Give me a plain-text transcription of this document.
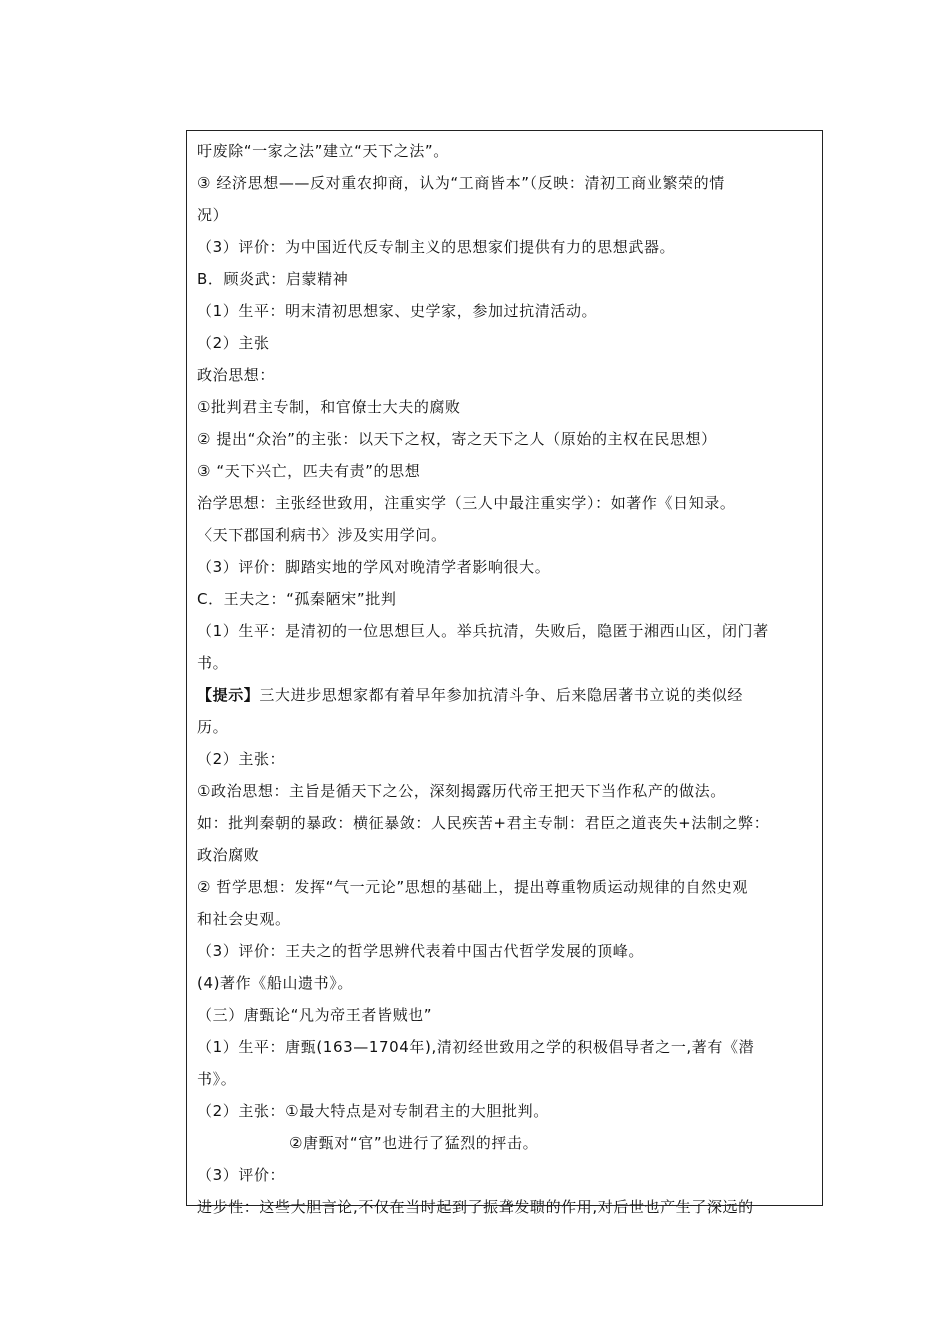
吁废除“一家之法”建立“天下之法”。
③ 经济思想——反对重农抑商，认为“工商皆本”（反映：清初工商业繁荣的情
况）
（3）评价：为中国近代反专制主义的思想家们提供有力的思想武器。
B．顾炎武：启蒙精神
（1）生平：明末清初思想家、史学家，参加过抗清活动。
（2）主张
政治思想：
①批判君主专制，和官僚士大夫的腐败
② 提出“众治”的主张：以天下之权，寄之天下之人（原始的主权在民思想）
③ “天下兴亡，匹夫有责”的思想
治学思想：主张经世致用，注重实学（三人中最注重实学）：如著作《日知录。
〈天下郡国利病书〉涉及实用学问。
（3）评价：脚踏实地的学风对晚清学者影响很大。
C．王夫之：“孤秦陋宋”批判
（1）生平：是清初的一位思想巨人。举兵抗清，失败后，隐匿于湘西山区，闭门著
书。
【提示】三大进步思想家都有着早年参加抗清斗争、后来隐居著书立说的类似经
历。
（2）主张：
①政治思想：主旨是循天下之公，深刻揭露历代帝王把天下当作私产的做法。
如：批判秦朝的暴政：横征暴敛：人民疾苦+君主专制：君臣之道丧失+法制之弊：
政治腐败
② 哲学思想：发挥“气一元论”思想的基础上，提出尊重物质运动规律的自然史观
和社会史观。
（3）评价：王夫之的哲学思辨代表着中国古代哲学发展的顶峰。
(4)著作《船山遗书》。
（三）唐甄论“凡为帝王者皆贼也”
（1）生平：唐甄(163—1704年),清初经世致用之学的积极倡导者之一,著有《潜
书》。
（2）主张：①最大特点是对专制君主的大胆批判。
②唐甄对“官”也进行了猛烈的抨击。
（3）评价：
进步性：这些大胆言论,不仅在当时起到了振聋发聩的作用,对后世也产生了深远的
